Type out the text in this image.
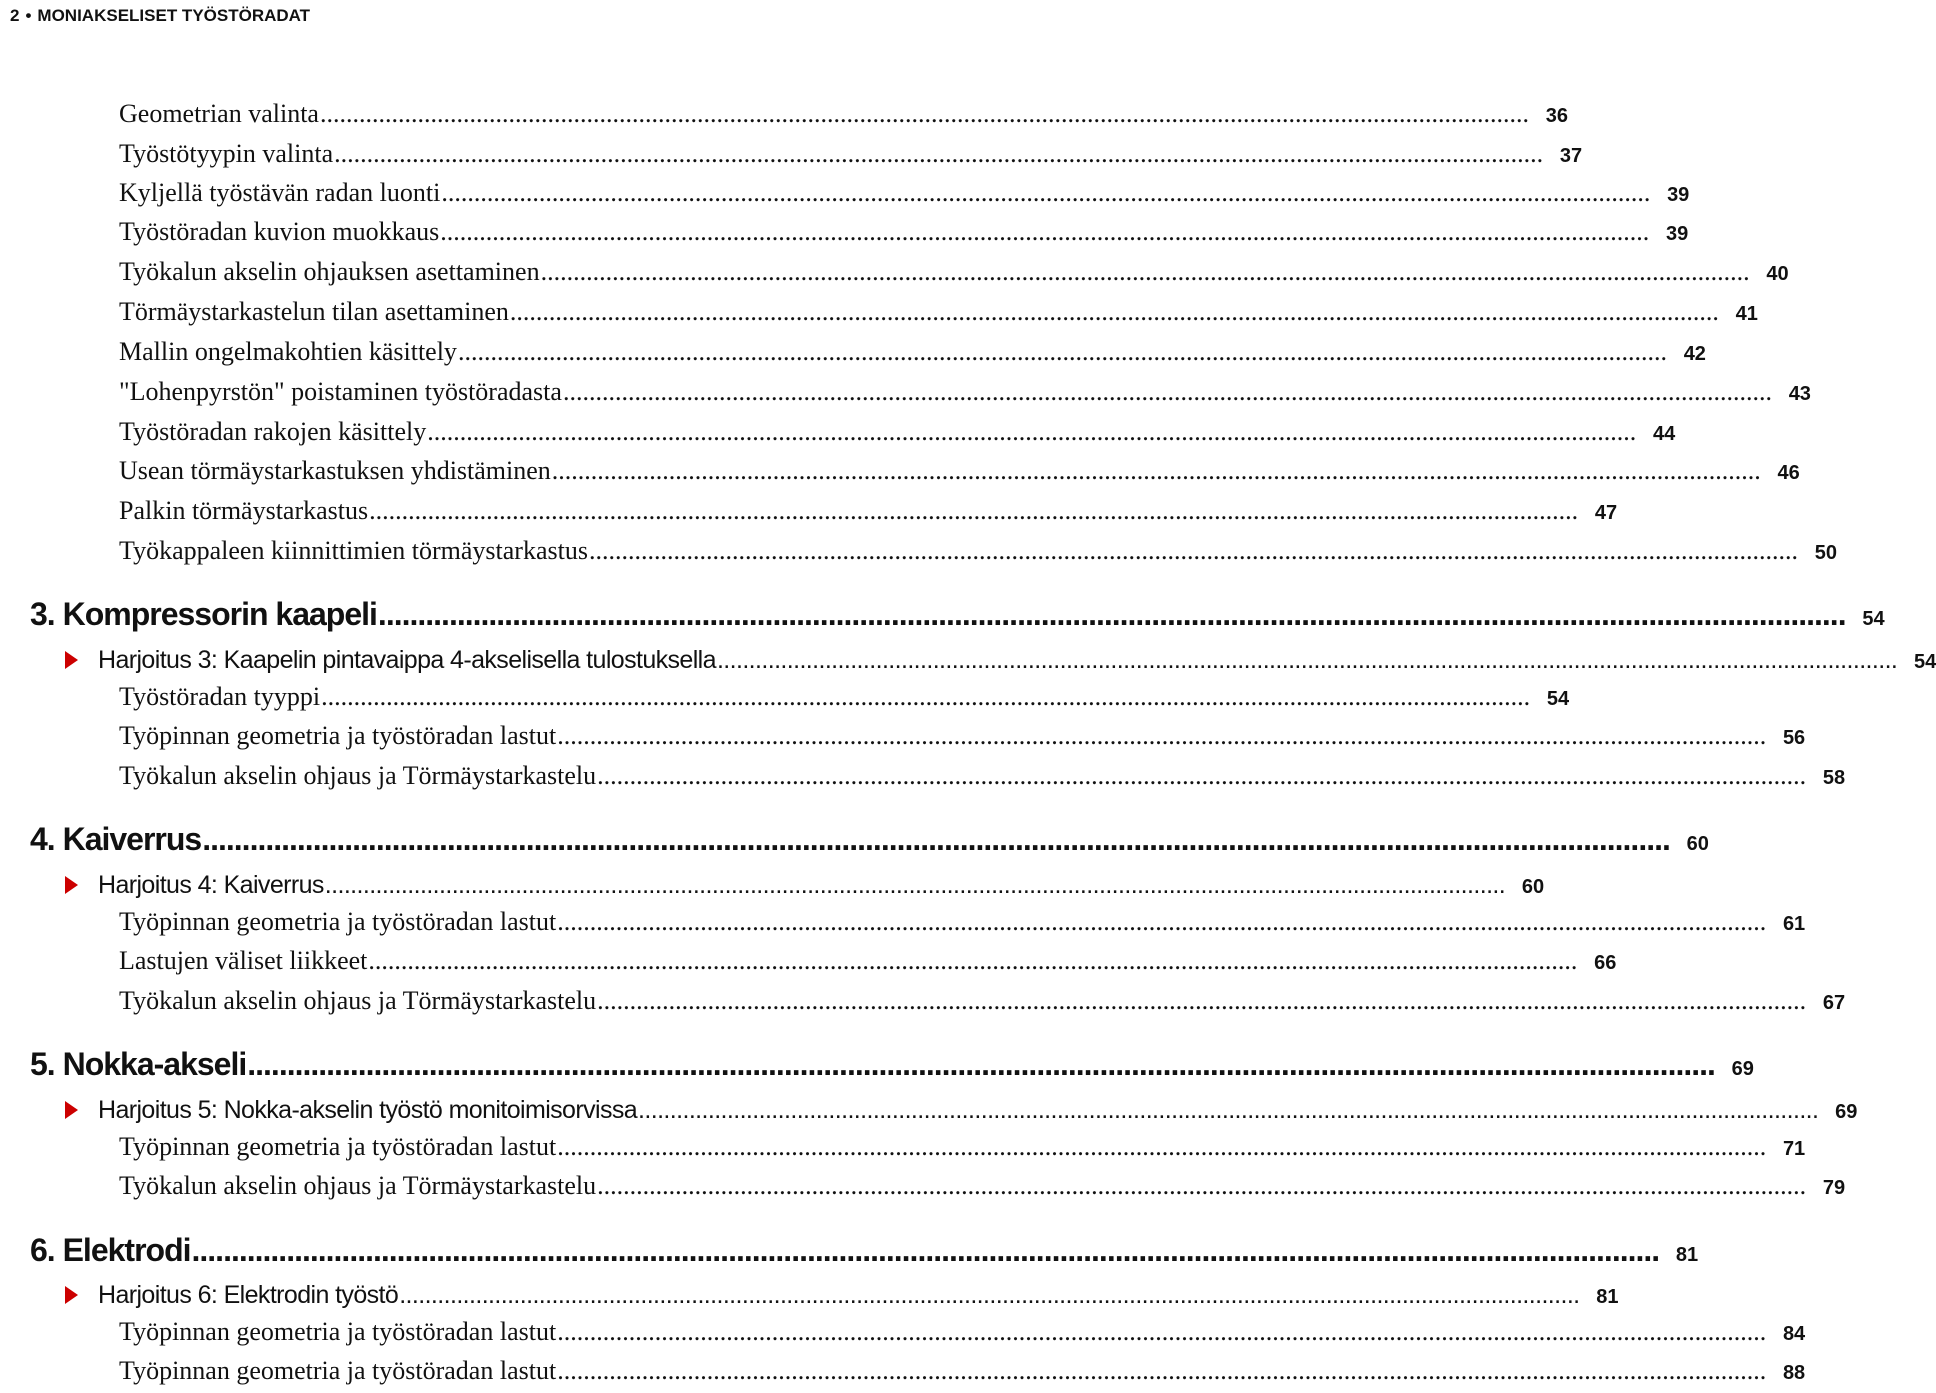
2 • MONIAKSELISET TYÖSTÖRADAT
Geometrian valinta .......................................................................................................................................................................................... 36
Työstötyypin valinta .......................................................................................................................................................................................... 37
Kyljellä työstävän radan luonti .......................................................................................................................................................................................... 39
Työstöradan kuvion muokkaus .......................................................................................................................................................................................... 39
Työkalun akselin ohjauksen asettaminen .......................................................................................................................................................................................... 40
Törmäystarkastelun tilan asettaminen .......................................................................................................................................................................................... 41
Mallin ongelmakohtien käsittely .......................................................................................................................................................................................... 42
"Lohenpyrstön" poistaminen työstöradasta .......................................................................................................................................................................................... 43
Työstöradan rakojen käsittely .......................................................................................................................................................................................... 44
Usean törmäystarkastuksen yhdistäminen .......................................................................................................................................................................................... 46
Palkin törmäystarkastus .......................................................................................................................................................................................... 47
Työkappaleen kiinnittimien törmäystarkastus .......................................................................................................................................................................................... 50
3. Kompressorin kaapeli .......................................................................................................................................................................................... 54
Harjoitus 3: Kaapelin pintavaippa 4-akselisella tulostuksella .......................................................................................................................................................................................... 54
Työstöradan tyyppi .......................................................................................................................................................................................... 54
Työpinnan geometria ja työstöradan lastut .......................................................................................................................................................................................... 56
Työkalun akselin ohjaus ja Törmäystarkastelu .......................................................................................................................................................................................... 58
4. Kaiverrus .......................................................................................................................................................................................... 60
Harjoitus 4: Kaiverrus .......................................................................................................................................................................................... 60
Työpinnan geometria ja työstöradan lastut .......................................................................................................................................................................................... 61
Lastujen väliset liikkeet .......................................................................................................................................................................................... 66
Työkalun akselin ohjaus ja Törmäystarkastelu .......................................................................................................................................................................................... 67
5. Nokka-akseli .......................................................................................................................................................................................... 69
Harjoitus 5: Nokka-akselin työstö monitoimisorvissa .......................................................................................................................................................................................... 69
Työpinnan geometria ja työstöradan lastut .......................................................................................................................................................................................... 71
Työkalun akselin ohjaus ja Törmäystarkastelu .......................................................................................................................................................................................... 79
6. Elektrodi .......................................................................................................................................................................................... 81
Harjoitus 6: Elektrodin työstö .......................................................................................................................................................................................... 81
Työpinnan geometria ja työstöradan lastut .......................................................................................................................................................................................... 84
Työpinnan geometria ja työstöradan lastut .......................................................................................................................................................................................... 88
